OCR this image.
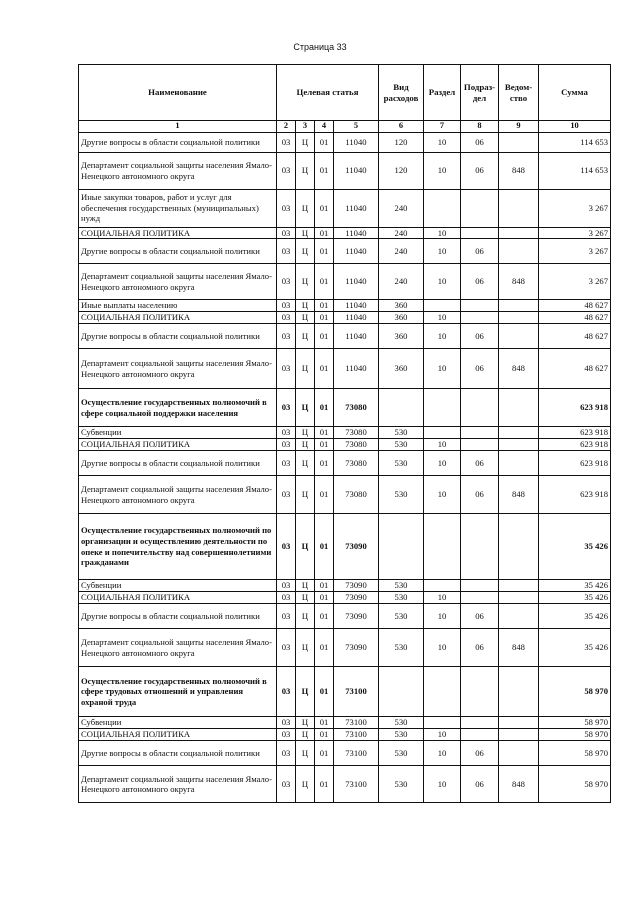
Страница 33
Наименование	Целевая статья				Вид расходов	Раздел	Подраз-дел	Ведом-ство	Сумма
1	2	3	4	5	6	7	8	9	10
Другие вопросы в области социальной политики	03	Ц	01	11040	120	10	06		114 653
Департамент социальной защиты населения Ямало-Ненецкого автономного округа	03	Ц	01	11040	120	10	06	848	114 653
Иные закупки товаров, работ и услуг для обеспечения государственных (муниципальных) нужд	03	Ц	01	11040	240				3 267
СОЦИАЛЬНАЯ ПОЛИТИКА	03	Ц	01	11040	240	10			3 267
Другие вопросы в области социальной политики	03	Ц	01	11040	240	10	06		3 267
Департамент социальной защиты населения Ямало-Ненецкого автономного округа	03	Ц	01	11040	240	10	06	848	3 267
Иные выплаты населению	03	Ц	01	11040	360				48 627
СОЦИАЛЬНАЯ ПОЛИТИКА	03	Ц	01	11040	360	10			48 627
Другие вопросы в области социальной политики	03	Ц	01	11040	360	10	06		48 627
Департамент социальной защиты населения Ямало-Ненецкого автономного округа	03	Ц	01	11040	360	10	06	848	48 627
Осуществление государственных полномочий в сфере социальной поддержки населения	03	Ц	01	73080					623 918
Субвенции	03	Ц	01	73080	530				623 918
СОЦИАЛЬНАЯ ПОЛИТИКА	03	Ц	01	73080	530	10			623 918
Другие вопросы в области социальной политики	03	Ц	01	73080	530	10	06		623 918
Департамент социальной защиты населения Ямало-Ненецкого автономного округа	03	Ц	01	73080	530	10	06	848	623 918
Осуществление государственных полномочий по организации и осуществлению деятельности по опеке и попечительству над совершеннолетними гражданами	03	Ц	01	73090					35 426
Субвенции	03	Ц	01	73090	530				35 426
СОЦИАЛЬНАЯ ПОЛИТИКА	03	Ц	01	73090	530	10			35 426
Другие вопросы в области социальной политики	03	Ц	01	73090	530	10	06		35 426
Департамент социальной защиты населения Ямало-Ненецкого автономного округа	03	Ц	01	73090	530	10	06	848	35 426
Осуществление государственных полномочий в сфере трудовых отношений и управления охраной труда	03	Ц	01	73100					58 970
Субвенции	03	Ц	01	73100	530				58 970
СОЦИАЛЬНАЯ ПОЛИТИКА	03	Ц	01	73100	530	10			58 970
Другие вопросы в области социальной политики	03	Ц	01	73100	530	10	06		58 970
Департамент социальной защиты населения Ямало-Ненецкого автономного округа	03	Ц	01	73100	530	10	06	848	58 970
